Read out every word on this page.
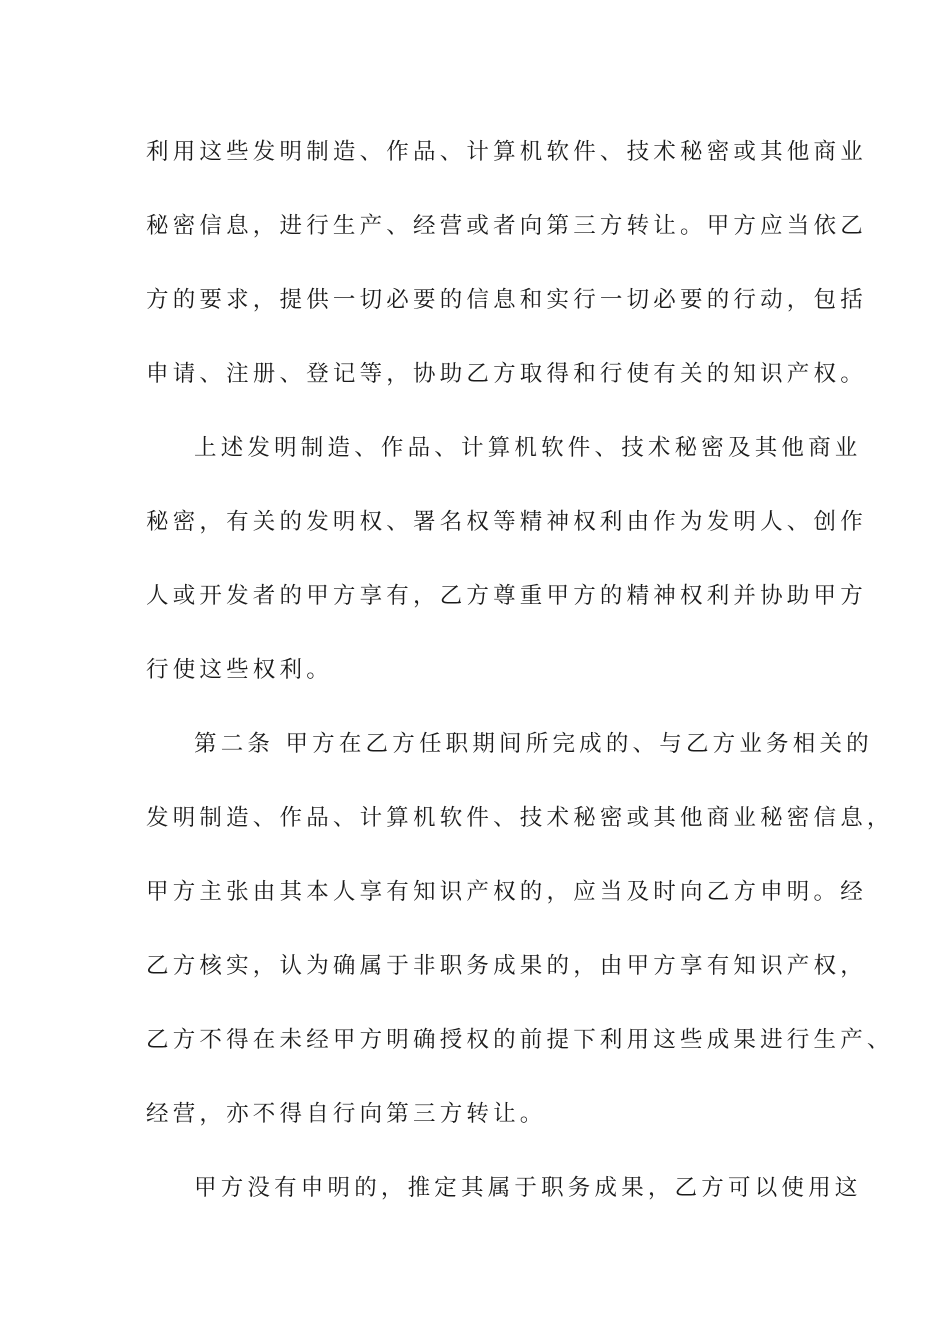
利用这些发明制造、作品、计算机软件、技术秘密或其他商业
秘密信息，进行生产、经营或者向第三方转让。甲方应当依乙
方的要求，提供一切必要的信息和实行一切必要的行动，包括
申请、注册、登记等，协助乙方取得和行使有关的知识产权。
上述发明制造、作品、计算机软件、技术秘密及其他商业
秘密，有关的发明权、署名权等精神权利由作为发明人、创作
人或开发者的甲方享有，乙方尊重甲方的精神权利并协助甲方
行使这些权利。
第二条 甲方在乙方任职期间所完成的、与乙方业务相关的
发明制造、作品、计算机软件、技术秘密或其他商业秘密信息，
甲方主张由其本人享有知识产权的，应当及时向乙方申明。经
乙方核实，认为确属于非职务成果的，由甲方享有知识产权，
乙方不得在未经甲方明确授权的前提下利用这些成果进行生产、
经营，亦不得自行向第三方转让。
甲方没有申明的，推定其属于职务成果，乙方可以使用这
